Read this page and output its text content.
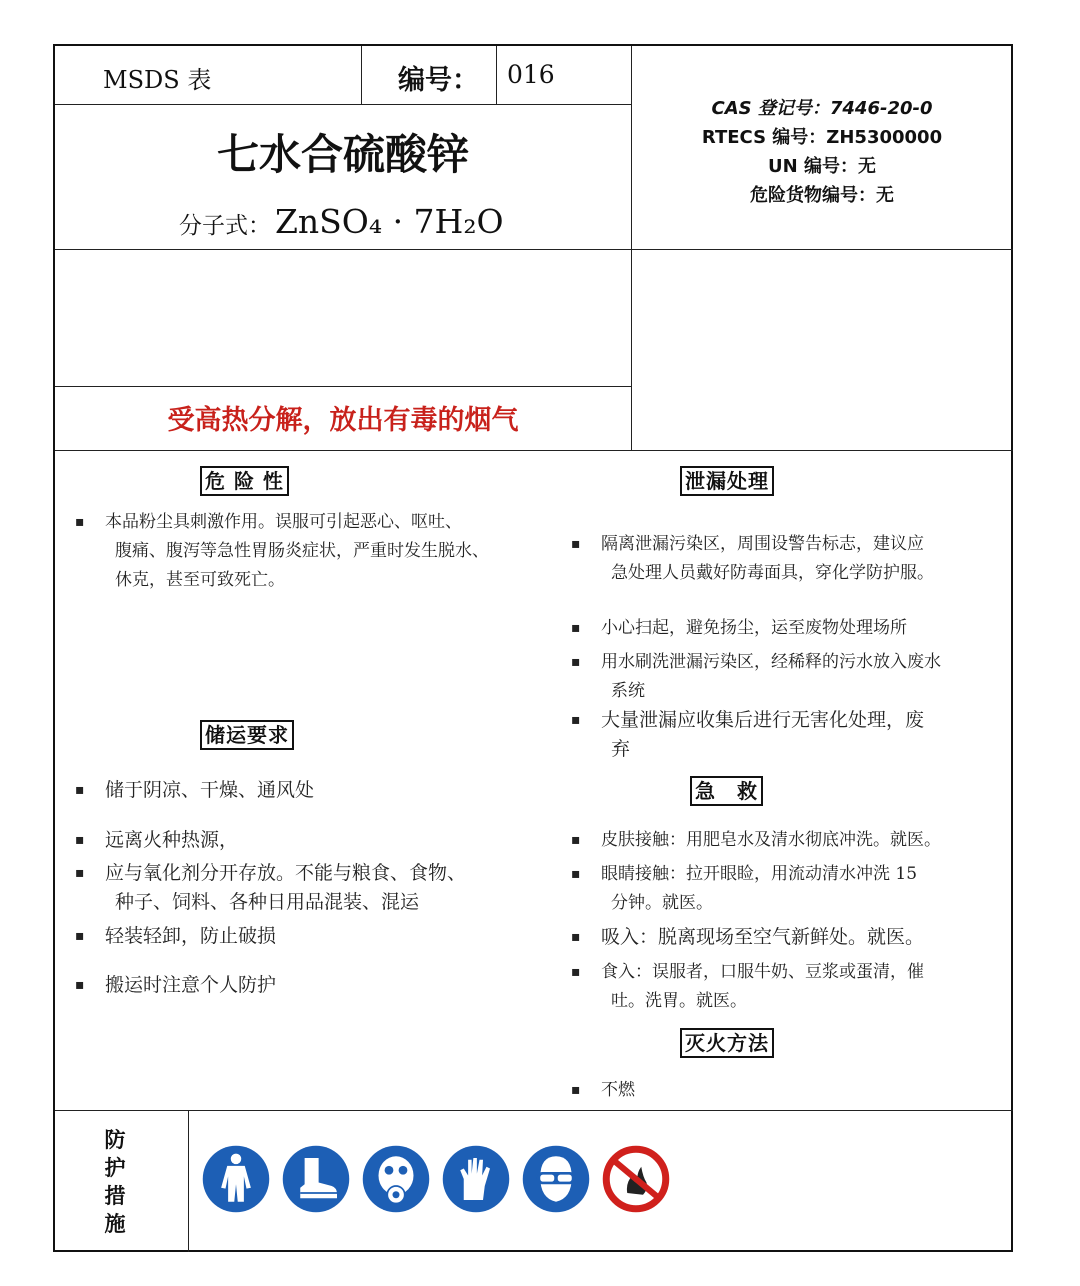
MSDS 表	编号： 016
七水合硫酸锌
分子式： ZnSO₄ · 7H₂O
CAS 登记号：7446-20-0
RTECS 编号：ZH5300000
UN 编号：无
危险货物编号：无
受高热分解，放出有毒的烟气
危 险 性
▪ 本品粉尘具刺激作用。误服可引起恶心、呕吐、
腹痛、腹泻等急性胃肠炎症状，严重时发生脱水、
休克，甚至可致死亡。
储运要求
▪ 储于阴凉、干燥、通风处
▪ 远离火种热源，
▪ 应与氧化剂分开存放。不能与粮食、食物、
种子、饲料、各种日用品混装、混运
▪ 轻装轻卸，防止破损
▪ 搬运时注意个人防护
泄漏处理
▪ 隔离泄漏污染区，周围设警告标志，建议应
急处理人员戴好防毒面具，穿化学防护服。
▪ 小心扫起，避免扬尘，运至废物处理场所
▪ 用水刷洗泄漏污染区，经稀释的污水放入废水
系统
▪ 大量泄漏应收集后进行无害化处理，废
弃
急　救
▪ 皮肤接触：用肥皂水及清水彻底冲洗。就医。
▪ 眼睛接触：拉开眼睑，用流动清水冲洗 15
分钟。就医。
▪ 吸入：脱离现场至空气新鲜处。就医。
▪ 食入：误服者，口服牛奶、豆浆或蛋清，催
吐。洗胃。就医。
灭火方法
▪ 不燃
防
护
措
施
